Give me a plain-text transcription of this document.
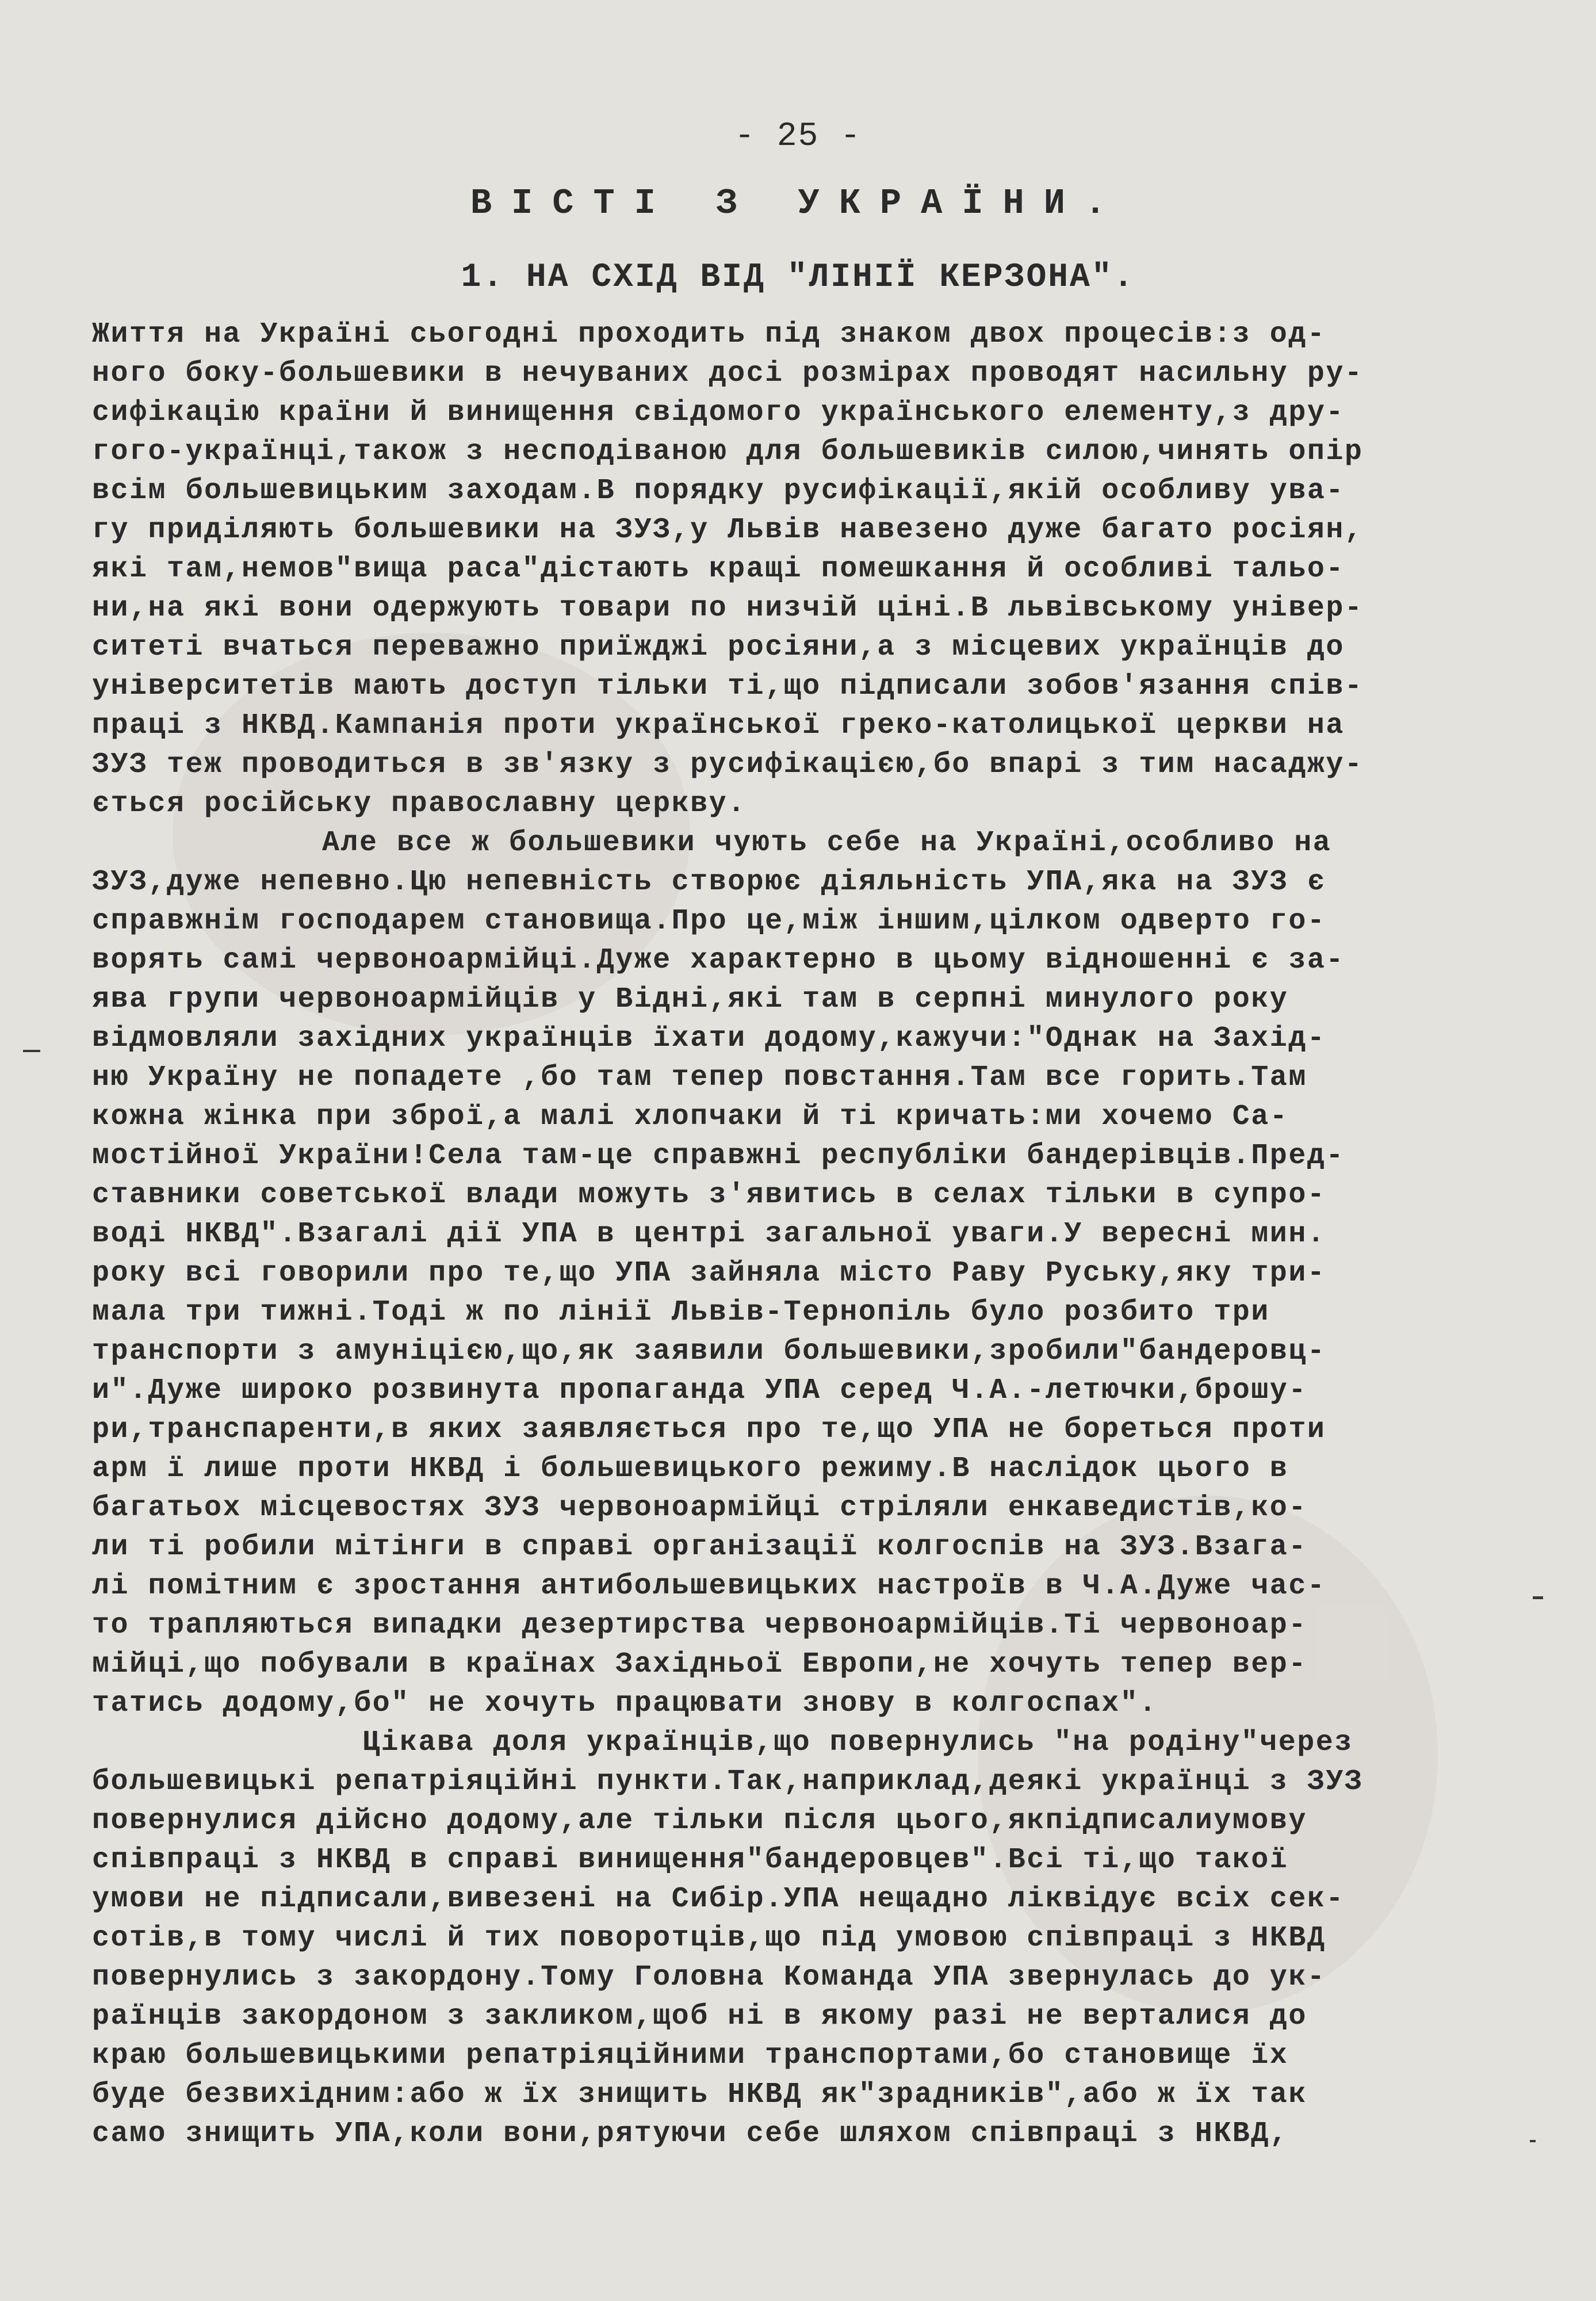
- 25 -
ВІСТІ З УКРАЇНИ.
1. НА СХІД ВІД "ЛІНІЇ КЕРЗОНА".
Життя на Україні сьогодні проходить під знаком двох процесів:з од-
ного боку-большевики в нечуваних досі розмірах проводят насильну ру-
сифікацію країни й винищення свідомого українського елементу,з дру-
гого-українці,також з несподіваною для большевиків силою,чинять опір
всім большевицьким заходам.В порядку русифікації,якій особливу ува-
гу приділяють большевики на ЗУЗ,у Львів навезено дуже багато росіян,
які там,немов"вища раса"дістають кращі помешкання й особливі тальо-
ни,на які вони одержують товари по низчій ціні.В львівському універ-
ситеті вчаться переважно приїжджі росіяни,а з місцевих українців до
університетів мають доступ тільки ті,що підписали зобов'язання спів-
праці з НКВД.Кампанія проти української греко-католицької церкви на
ЗУЗ теж проводиться в зв'язку з русифікацією,бо впарі з тим насаджу-
ється російську православну церкву.
Але все ж большевики чують себе на Україні,особливо на
ЗУЗ,дуже непевно.Цю непевність створює діяльність УПА,яка на ЗУЗ є
справжнім господарем становища.Про це,між іншим,цілком одверто го-
ворять самі червоноармійці.Дуже характерно в цьому відношенні є за-
ява групи червоноармійців у Відні,які там в серпні минулого року
відмовляли західних українців їхати додому,кажучи:"Однак на Захід-
ню Україну не попадете ,бо там тепер повстання.Там все горить.Там
кожна жінка при зброї,а малі хлопчаки й ті кричать:ми хочемо Са-
мостійної України!Села там-це справжні республіки бандерівців.Пред-
ставники советської влади можуть з'явитись в селах тільки в супро-
воді НКВД".Взагалі дії УПА в центрі загальної уваги.У вересні мин.
року всі говорили про те,що УПА зайняла місто Раву Руську,яку три-
мала три тижні.Тоді ж по лінії Львів-Тернопіль було розбито три
транспорти з амуніцією,що,як заявили большевики,зробили"бандеровц-
и".Дуже широко розвинута пропаганда УПА серед Ч.А.-летючки,брошу-
ри,транспаренти,в яких заявляється про те,що УПА не бореться проти
арм ї лише проти НКВД і большевицького режиму.В наслідок цього в
багатьох місцевостях ЗУЗ червоноармійці стріляли енкаведистів,ко-
ли ті робили мітінги в справі організації колгоспів на ЗУЗ.Взага-
лі помітним є зростання антибольшевицьких настроїв в Ч.А.Дуже час-
то трапляються випадки дезертирства червоноармійців.Ті червоноар-
мійці,що побували в країнах Західньої Европи,не хочуть тепер вер-
татись додому,бо" не хочуть працювати знову в колгоспах".
Цікава доля українців,що повернулись "на родіну"через
большевицькі репатріяційні пункти.Так,наприклад,деякі українці з ЗУЗ
повернулися дійсно додому,але тільки після цього,якпідписалиумову
співпраці з НКВД в справі винищення"бандеровцев".Всі ті,що такої
умови не підписали,вивезені на Сибір.УПА нещадно ліквідує всіх сек-
сотів,в тому числі й тих поворотців,що під умовою співпраці з НКВД
повернулись з закордону.Тому Головна Команда УПА звернулась до ук-
раїнців закордоном з закликом,щоб ні в якому разі не верталися до
краю большевицькими репатріяційними транспортами,бо становище їх
буде безвихідним:або ж їх знищить НКВД як"зрадників",або ж їх так
само знищить УПА,коли вони,рятуючи себе шляхом співпраці з НКВД,
